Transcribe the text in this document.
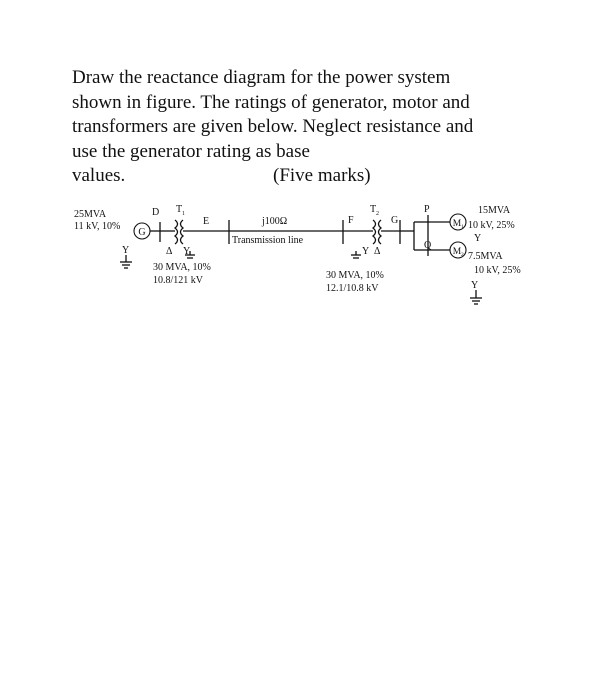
Draw the reactance diagram for the power system
shown in figure. The ratings of generator, motor and
transformers are given below. Neglect resistance and
use the generator rating as base
values.	(Five marks)
G
25MVA
11 kV, 10%
Y
D T 1
Δ Y
30 MVA, 10%
10.8/121 kV
E	j100Ω
Transmission line
F
T 2
Y Δ
30 MVA, 10%
12.1/10.8 kV
G
P
Q
M 1
15MVA
10 kV, 25%
Y
M 2 7.5MVA
10 kV, 25%
Y
